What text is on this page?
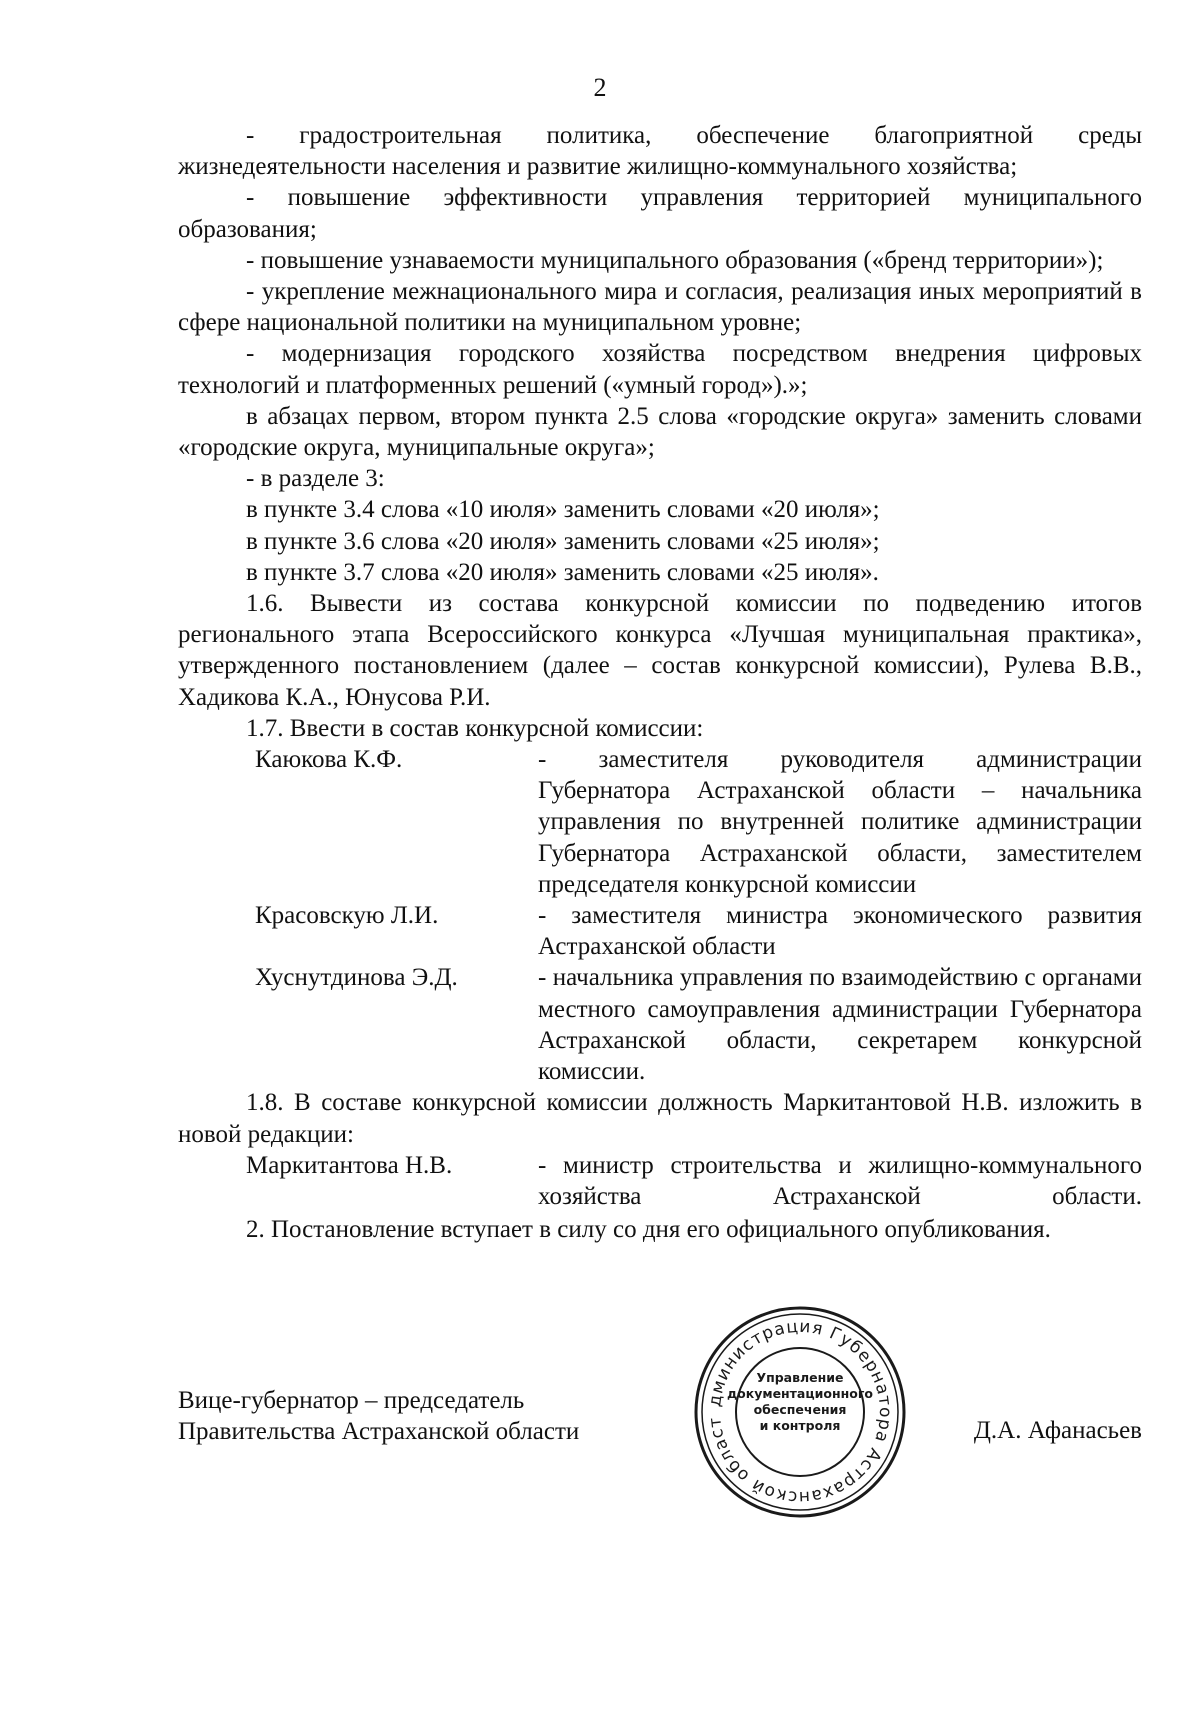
2

- градостроительная политика, обеспечение благоприятной среды жизнедеятельности населения и развитие жилищно-коммунального хозяйства;

- повышение эффективности управления территорией муниципального образования;

- повышение узнаваемости муниципального образования («бренд территории»);

- укрепление межнационального мира и согласия, реализация иных мероприятий в сфере национальной политики на муниципальном уровне;

- модернизация городского хозяйства посредством внедрения цифровых технологий и платформенных решений («умный город»).»;

в абзацах первом, втором пункта 2.5 слова «городские округа» заменить словами «городские округа, муниципальные округа»;

- в разделе 3:

в пункте 3.4 слова «10 июля» заменить словами «20 июля»;

в пункте 3.6 слова «20 июля» заменить словами «25 июля»;

в пункте 3.7 слова «20 июля» заменить словами «25 июля».

1.6. Вывести из состава конкурсной комиссии по подведению итогов регионального этапа Всероссийского конкурса «Лучшая муниципальная практика», утвержденного постановлением (далее – состав конкурсной комиссии), Рулева В.В., Хадикова К.А., Юнусова Р.И.

1.7. Ввести в состав конкурсной комиссии:

Каюкова К.Ф.	- заместителя руководителя администрации Губернатора Астраханской области – начальника управления по внутренней политике администрации Губернатора Астраханской области, заместителем председателя конкурсной комиссии
Красовскую Л.И.	- заместителя министра экономического развития Астраханской области
Хуснутдинова Э.Д.	- начальника управления по взаимодействию с органами местного самоуправления администрации Губернатора Астраханской области, секретарем конкурсной комиссии.

1.8. В составе конкурсной комиссии должность Маркитантовой Н.В. изложить в новой редакции:

Маркитантова Н.В.	- министр строительства и жилищно-коммунального хозяйства Астраханской области.

2. Постановление вступает в силу со дня его официального опубликования.

дминистрация Губернатора Астраханской област
Управление документационного обеспечения и контроля
Вице-губернатор – председатель
Правительства Астраханской области	Д.А. Афанасьев
